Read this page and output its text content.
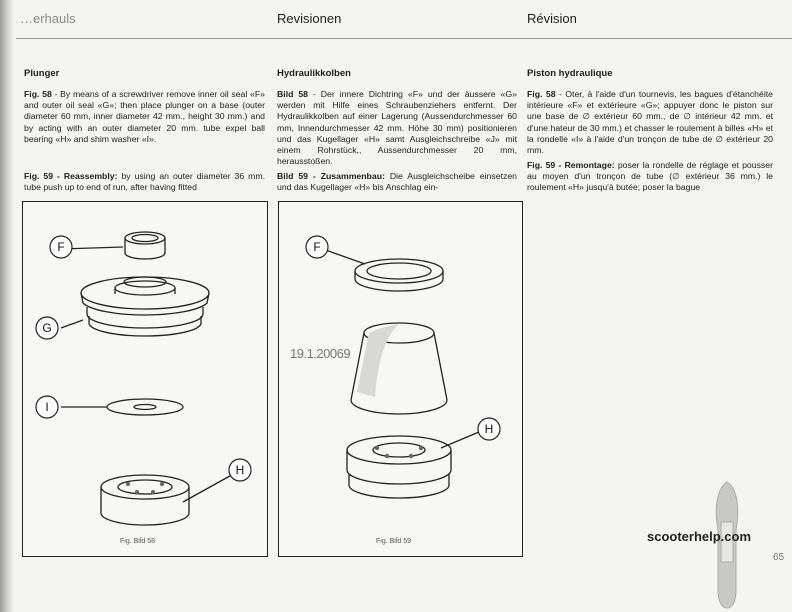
…erhauls	Revisionen	Révision
Plunger
Fig. 58 - By means of a screwdriver remove inner oil seal «F» and outer oil seal «G»; then place plunger on a base (outer diameter 60 mm, inner diameter 42 mm., height 30 mm.) and by acting with an outer diameter 20 mm. tube expel ball bearing «H» and shim washer «I».
Fig. 59 - Reassembly: by using an outer diameter 36 mm. tube push up to end of run, after having fitted
Hydraulikkolben
Bild 58 - Der innere Dichtring «F» und der äussere «G» werden mit Hilfe eines Schraubenziehers entfernt. Der Hydraulikkolben auf einer Lagerung (Aussendurchmesser 60 mm, Innendurchmesser 42 mm. Höhe 30 mm) positionieren und das Kugellager «H» samt Ausgleichschreibe «J» mit einem Rohrstück,, Aussendurchmesser 20 mm, herausstoßen.
Bild 59 - Zusammenbau: Die Ausgleichscheibe einsetzen und das Kugellager «H» bis Anschlag ein-
Piston hydraulique
Fig. 58 - Oter, à l'aide d'un tournevis, les bagues d'étanchéite intérieure «F» et extérieure «G»; appuyer donc le piston sur une base de ∅ extérieur 60 mm., de ∅ intérieur 42 mm. et d'une hateur de 30 mm.) et chasser le roulement à billes «H» et la rondelle «I» à l'aide d'un tronçon de tube de ∅ extérieur 20 mm.
Fig. 59 - Remontage: poser la rondelle de réglage et pousser au moyen d'un tronçon de tube (∅ extérieur 36 mm.) le roulement «H» jusqu'à butée; poser la bague
F
G
I
H
Fig. Bild 58
F
H
19.1.20069
Fig. Bild 59	scooterhelp.com
65
